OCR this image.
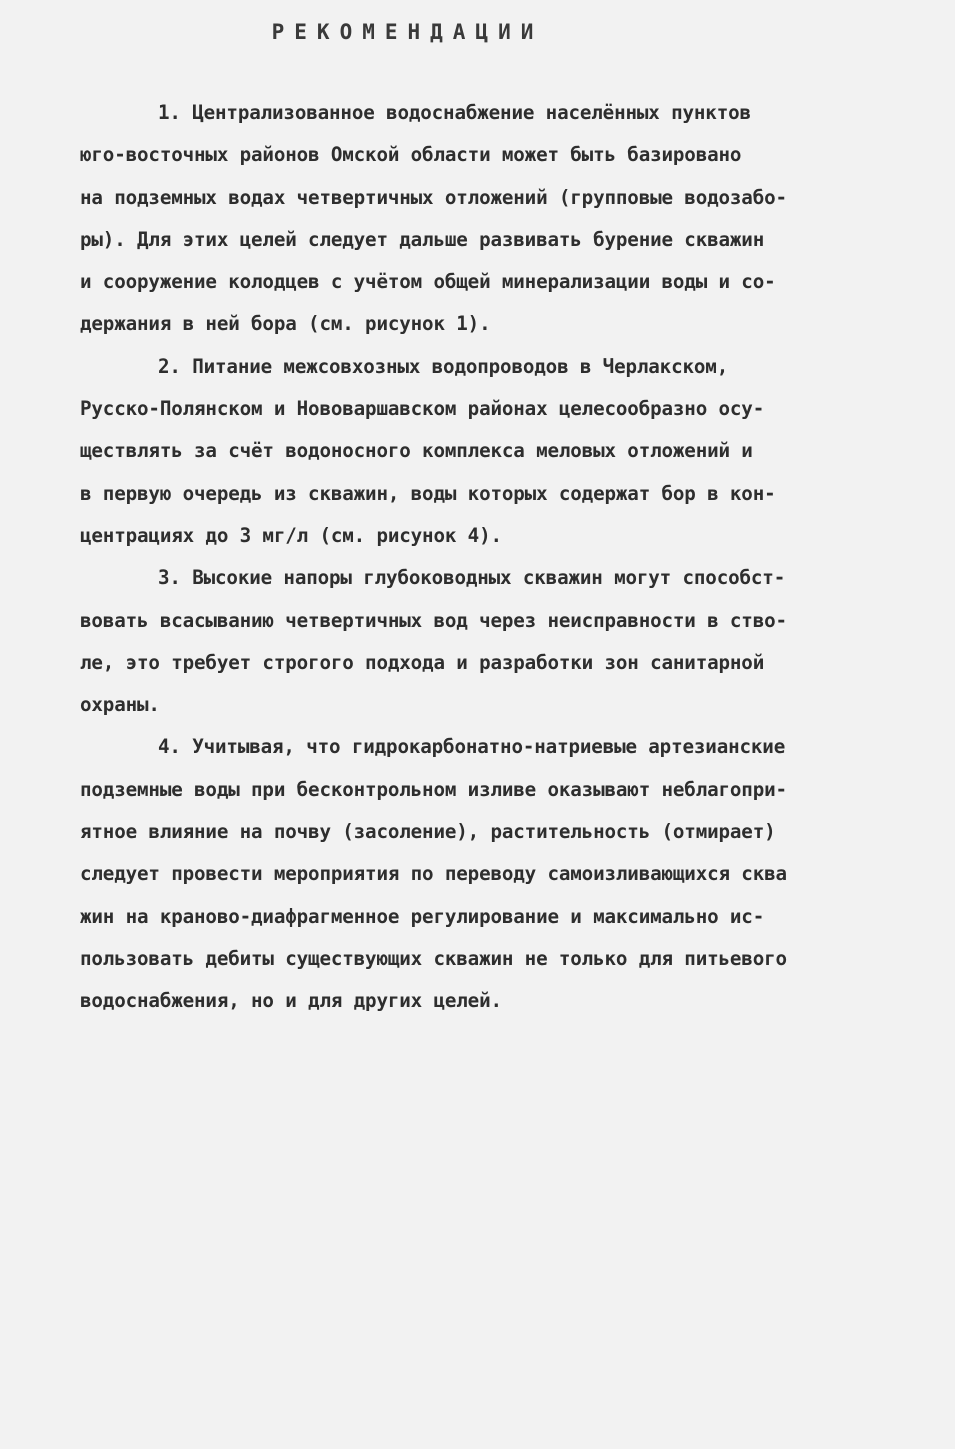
РЕКОМЕНДАЦИИ
1. Централизованное водоснабжение населённых пунктов
юго-восточных районов Омской области может быть базировано
на подземных водах четвертичных отложений (групповые водозабо-
ры). Для этих целей следует дальше развивать бурение скважин
и сооружение колодцев с учётом общей минерализации воды и со-
держания в ней бора (см. рисунок 1).
2. Питание межсовхозных водопроводов в Черлакском,
Русско-Полянском и Нововаршавском районах целесообразно осу-
ществлять за счёт водоносного комплекса меловых отложений и
в первую очередь из скважин, воды которых содержат бор в кон-
центрациях до 3 мг/л (см. рисунок 4).
3. Высокие напоры глубоководных скважин могут способст-
вовать всасыванию четвертичных вод через неисправности в ство-
ле, это требует строгого подхода и разработки зон санитарной
охраны.
4. Учитывая, что гидрокарбонатно-натриевые артезианские
подземные воды при бесконтрольном изливе оказывают неблагопри-
ятное влияние на почву (засоление), растительность (отмирает)
следует провести мероприятия по переводу самоизливающихся сква
жин на краново-диафрагменное регулирование и максимально ис-
пользовать дебиты существующих скважин не только для питьевого
водоснабжения, но и для других целей.
